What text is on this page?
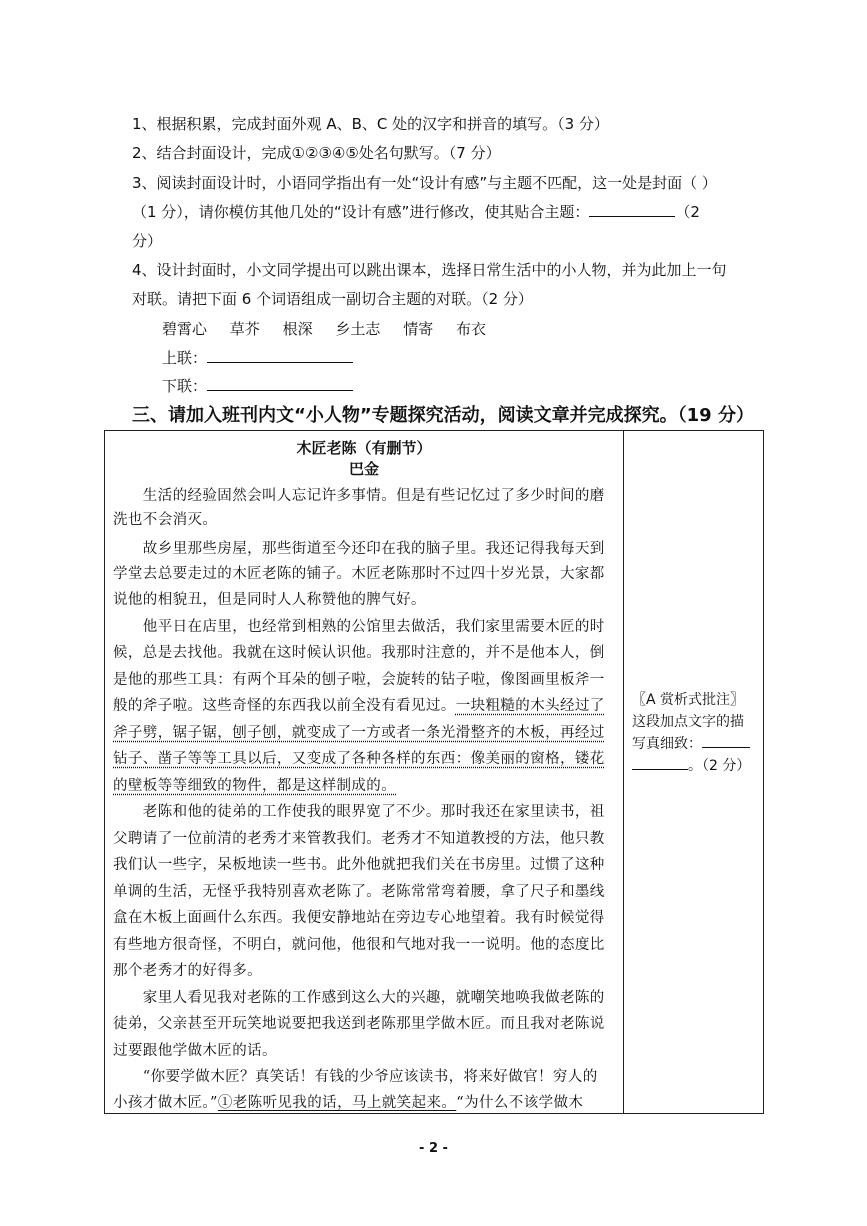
1、根据积累，完成封面外观 A、B、C 处的汉字和拼音的填写。（3 分）
2、结合封面设计，完成①②③④⑤处名句默写。（7 分）
3、阅读封面设计时，小语同学指出有一处“设计有感”与主题不匹配，这一处是封面（ ）
（1 分），请你模仿其他几处的“设计有感”进行修改，使其贴合主题：	（2
分）
4、设计封面时，小文同学提出可以跳出课本，选择日常生活中的小人物，并为此加上一句
对联。请把下面 6 个词语组成一副切合主题的对联。（2 分）
碧霄心 草芥 根深 乡土志 情寄 布衣
上联：
下联：
三、请加入班刊内文“小人物”专题探究活动，阅读文章并完成探究。（19 分）
木匠老陈（有删节）
巴金
　　生活的经验固然会叫人忘记许多事情。但是有些记忆过了多少时间的磨
洗也不会消灭。
　　故乡里那些房屋，那些街道至今还印在我的脑子里。我还记得我每天到
学堂去总要走过的木匠老陈的铺子。木匠老陈那时不过四十岁光景，大家都
说他的相貌丑，但是同时人人称赞他的脾气好。
　　他平日在店里，也经常到相熟的公馆里去做活，我们家里需要木匠的时
候，总是去找他。我就在这时候认识他。我那时注意的，并不是他本人，倒
是他的那些工具：有两个耳朵的刨子啦，会旋转的钻子啦，像图画里板斧一
般的斧子啦。这些奇怪的东西我以前全没有看见过。一块粗糙的木头经过了
斧子劈，锯子锯，刨子刨，就变成了一方或者一条光滑整齐的木板，再经过
钻子、凿子等等工具以后，又变成了各种各样的东西：像美丽的窗格，镂花
的壁板等等细致的物件，都是这样制成的。
　　老陈和他的徒弟的工作使我的眼界宽了不少。那时我还在家里读书，祖
父聘请了一位前清的老秀才来管教我们。老秀才不知道教授的方法，他只教
我们认一些字，呆板地读一些书。此外他就把我们关在书房里。过惯了这种
单调的生活，无怪乎我特别喜欢老陈了。老陈常常弯着腰，拿了尺子和墨线
盒在木板上面画什么东西。我便安静地站在旁边专心地望着。我有时候觉得
有些地方很奇怪，不明白，就问他，他很和气地对我一一说明。他的态度比
那个老秀才的好得多。
　　家里人看见我对老陈的工作感到这么大的兴趣，就嘲笑地唤我做老陈的
徒弟，父亲甚至开玩笑地说要把我送到老陈那里学做木匠。而且我对老陈说
过要跟他学做木匠的话。
　　“你要学做木匠？真笑话！有钱的少爷应该读书，将来好做官！穷人的
小孩才做木匠。”①老陈听见我的话，马上就笑起来。“为什么不该学做木
〖A 赏析式批注〗
这段加点文字的描
写真细致：
。（2 分）
- 2 -
